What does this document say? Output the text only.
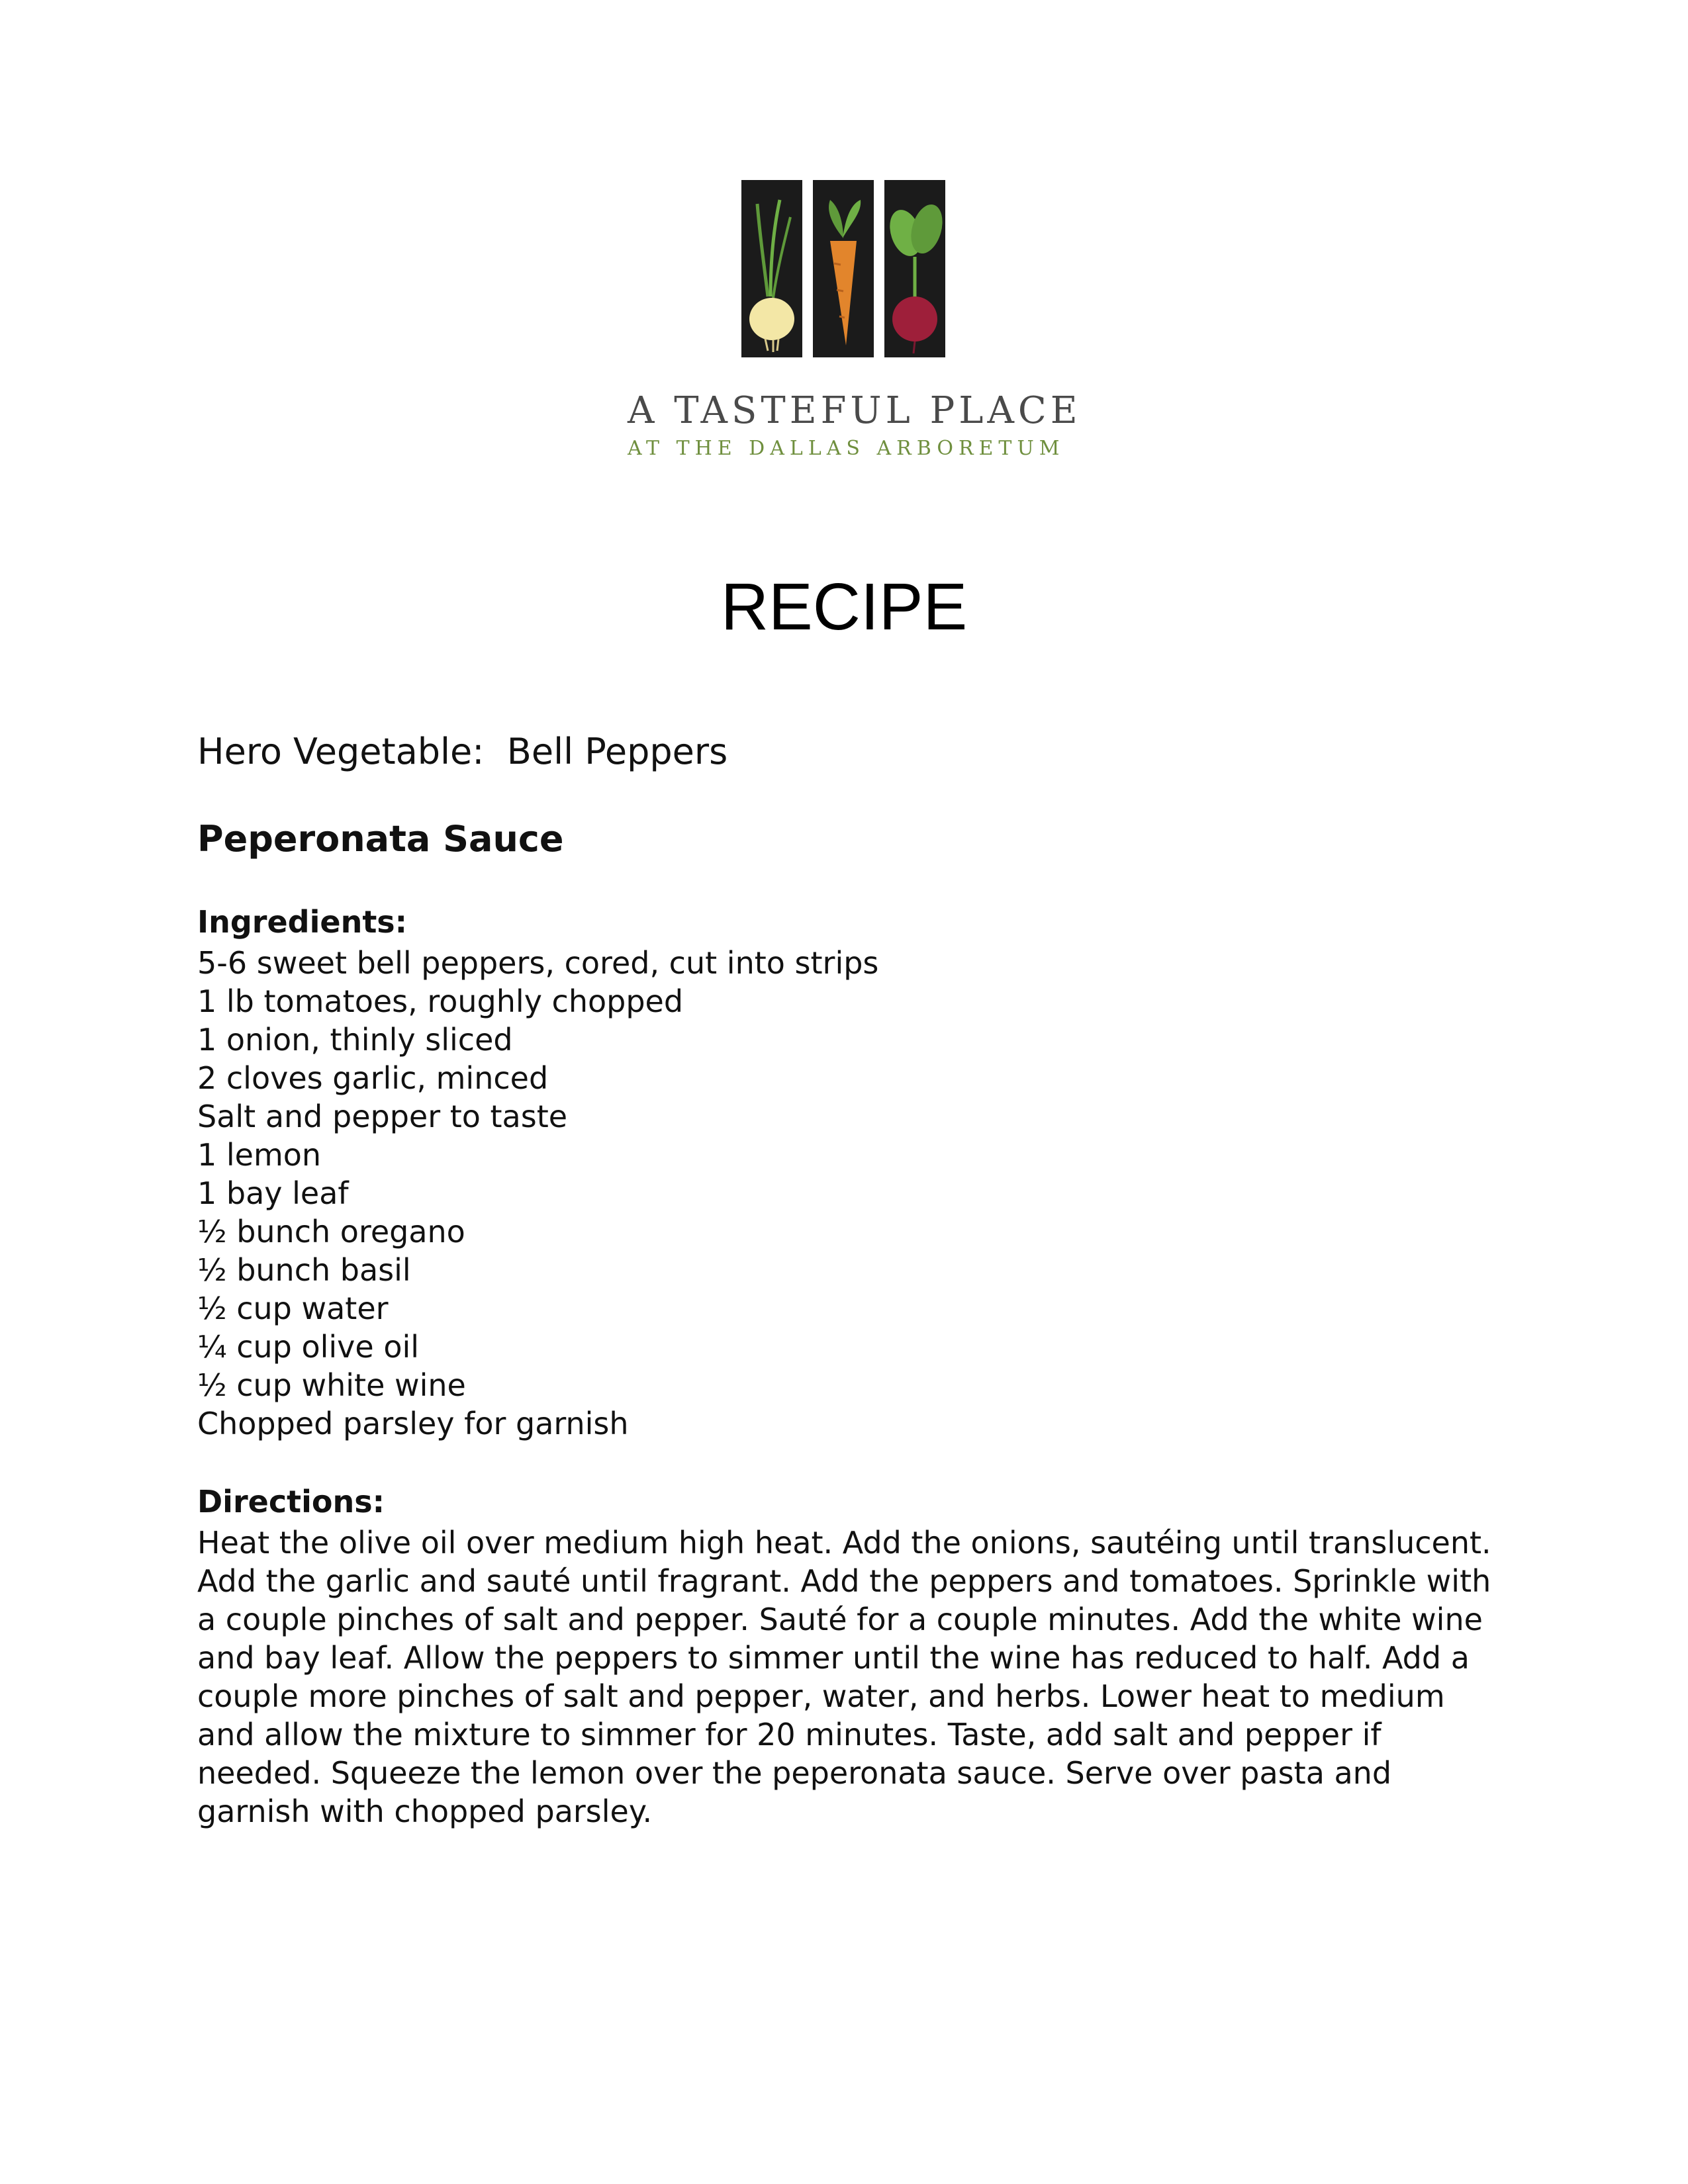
A TASTEFUL PLACE
AT THE DALLAS ARBORETUM
RECIPE
Hero Vegetable:  Bell Peppers
Peperonata Sauce
Ingredients:
5-6 sweet bell peppers, cored, cut into strips
1 lb tomatoes, roughly chopped
1 onion, thinly sliced
2 cloves garlic, minced
Salt and pepper to taste
1 lemon
1 bay leaf
½ bunch oregano
½ bunch basil
½ cup water
¼ cup olive oil
½ cup white wine
Chopped parsley for garnish
Directions:

Heat the olive oil over medium high heat. Add the onions, sautéing until translucent. Add the garlic and sauté until fragrant. Add the peppers and tomatoes. Sprinkle with a couple pinches of salt and pepper. Sauté for a couple minutes. Add the white wine and bay leaf. Allow the peppers to simmer until the wine has reduced to half. Add a couple more pinches of salt and pepper, water, and herbs. Lower heat to medium and allow the mixture to simmer for 20 minutes. Taste, add salt and pepper if needed. Squeeze the lemon over the peperonata sauce. Serve over pasta and garnish with chopped parsley.
